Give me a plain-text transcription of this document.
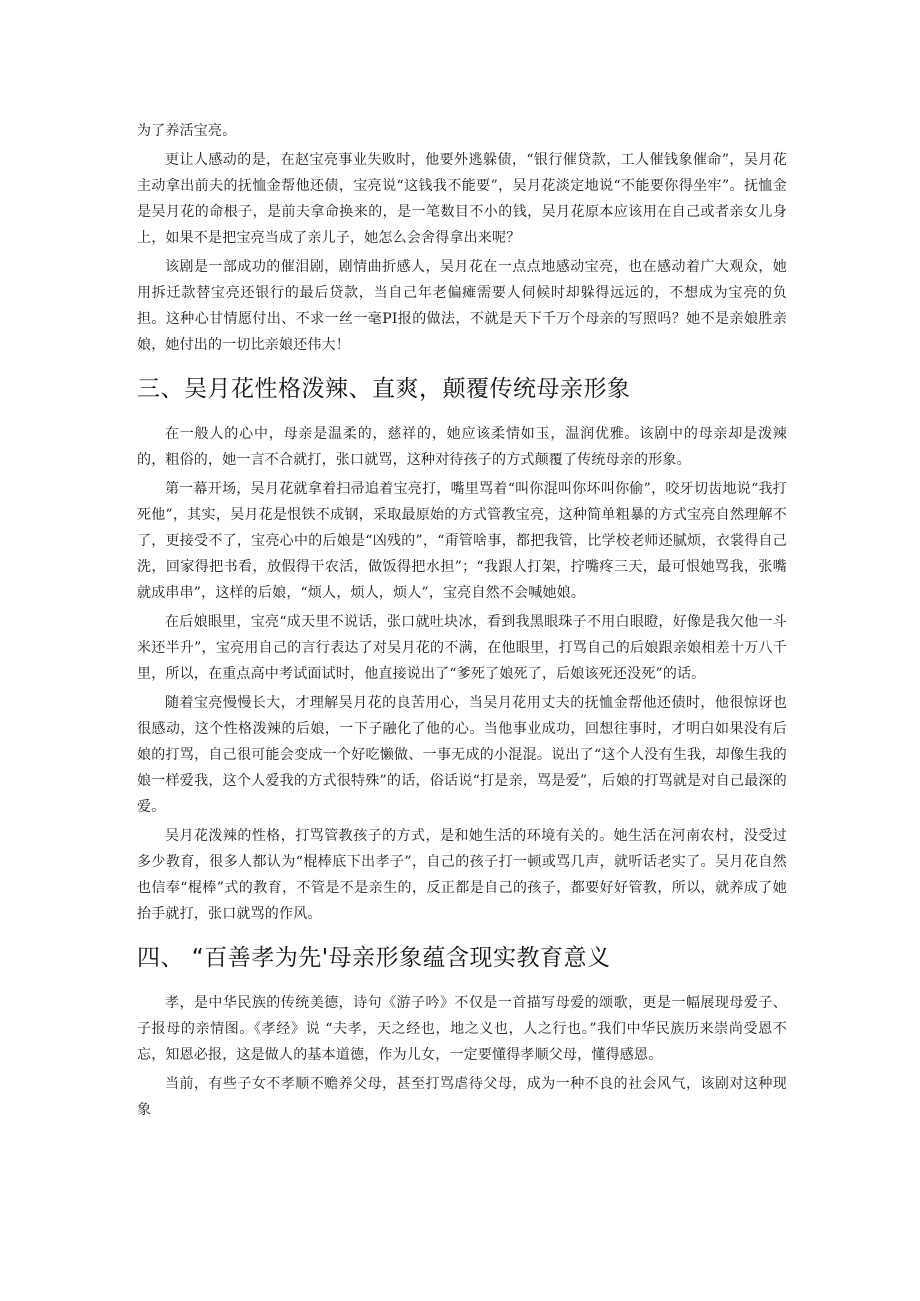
为了养活宝亮。

更让人感动的是，在赵宝亮事业失败时，他要外逃躲债，“银行催贷款，工人催钱象催命”，吴月花主动拿出前夫的抚恤金帮他还债，宝亮说“这钱我不能要”，吴月花淡定地说“不能要你得坐牢”。抚恤金是吴月花的命根子，是前夫拿命换来的，是一笔数目不小的钱，吴月花原本应该用在自己或者亲女儿身上，如果不是把宝亮当成了亲儿子，她怎么会舍得拿出来呢？

该剧是一部成功的催泪剧，剧情曲折感人，吴月花在一点点地感动宝亮，也在感动着广大观众，她用拆迁款替宝亮还银行的最后贷款，当自己年老偏瘫需要人伺候时却躲得远远的，不想成为宝亮的负担。这种心甘情愿付出、不求一丝一毫PI报的做法，不就是天下千万个母亲的写照吗？她不是亲娘胜亲娘，她付出的一切比亲娘还伟大！

三、吴月花性格泼辣、直爽，颠覆传统母亲形象

在一般人的心中，母亲是温柔的，慈祥的，她应该柔情如玉，温润优雅。该剧中的母亲却是泼辣的，粗俗的，她一言不合就打，张口就骂，这种对待孩子的方式颠覆了传统母亲的形象。

第一幕开场，吴月花就拿着扫帚追着宝亮打，嘴里骂着“叫你混叫你坏叫你偷”，咬牙切齿地说“我打死他”，其实，吴月花是恨铁不成钢，采取最原始的方式管教宝亮，这种简单粗暴的方式宝亮自然理解不了，更接受不了，宝亮心中的后娘是“凶残的”，“甭管啥事，都把我管，比学校老师还腻烦，衣裳得自己洗，回家得把书看，放假得干农活，做饭得把水担”；“我跟人打架，拧嘴疼三天，最可恨她骂我，张嘴就成串串”，这样的后娘，“烦人，烦人，烦人”，宝亮自然不会喊她娘。

在后娘眼里，宝亮“成天里不说话，张口就吐块冰，看到我黑眼珠子不用白眼瞪，好像是我欠他一斗米还半升”，宝亮用自己的言行表达了对吴月花的不满，在他眼里，打骂自己的后娘跟亲娘相差十万八千里，所以，在重点高中考试面试时，他直接说出了“爹死了娘死了，后娘该死还没死”的话。

随着宝亮慢慢长大，才理解吴月花的良苦用心，当吴月花用丈夫的抚恤金帮他还债时，他很惊讶也很感动，这个性格泼辣的后娘，一下子融化了他的心。当他事业成功，回想往事时，才明白如果没有后娘的打骂，自己很可能会变成一个好吃懒做、一事无成的小混混。说出了“这个人没有生我，却像生我的娘一样爱我，这个人爱我的方式很特殊”的话，俗话说“打是亲，骂是爱”，后娘的打骂就是对自己最深的爱。

吴月花泼辣的性格，打骂管教孩子的方式，是和她生活的环境有关的。她生活在河南农村，没受过多少教育，很多人都认为“棍棒底下出孝子”，自己的孩子打一顿或骂几声，就听话老实了。吴月花自然也信奉“棍棒”式的教育，不管是不是亲生的，反正都是自己的孩子，都要好好管教，所以，就养成了她抬手就打，张口就骂的作风。

四、 “百善孝为先'母亲形象蕴含现实教育意义

孝，是中华民族的传统美德，诗句《游子吟》不仅是一首描写母爱的颂歌，更是一幅展现母爱子、子报母的亲情图。《孝经》说 “夫孝，天之经也，地之义也，人之行也。”我们中华民族历来崇尚受恩不忘，知恩必报，这是做人的基本道德，作为儿女，一定要懂得孝顺父母，懂得感恩。

当前，有些子女不孝顺不赡养父母，甚至打骂虐待父母，成为一种不良的社会风气，该剧对这种现象
